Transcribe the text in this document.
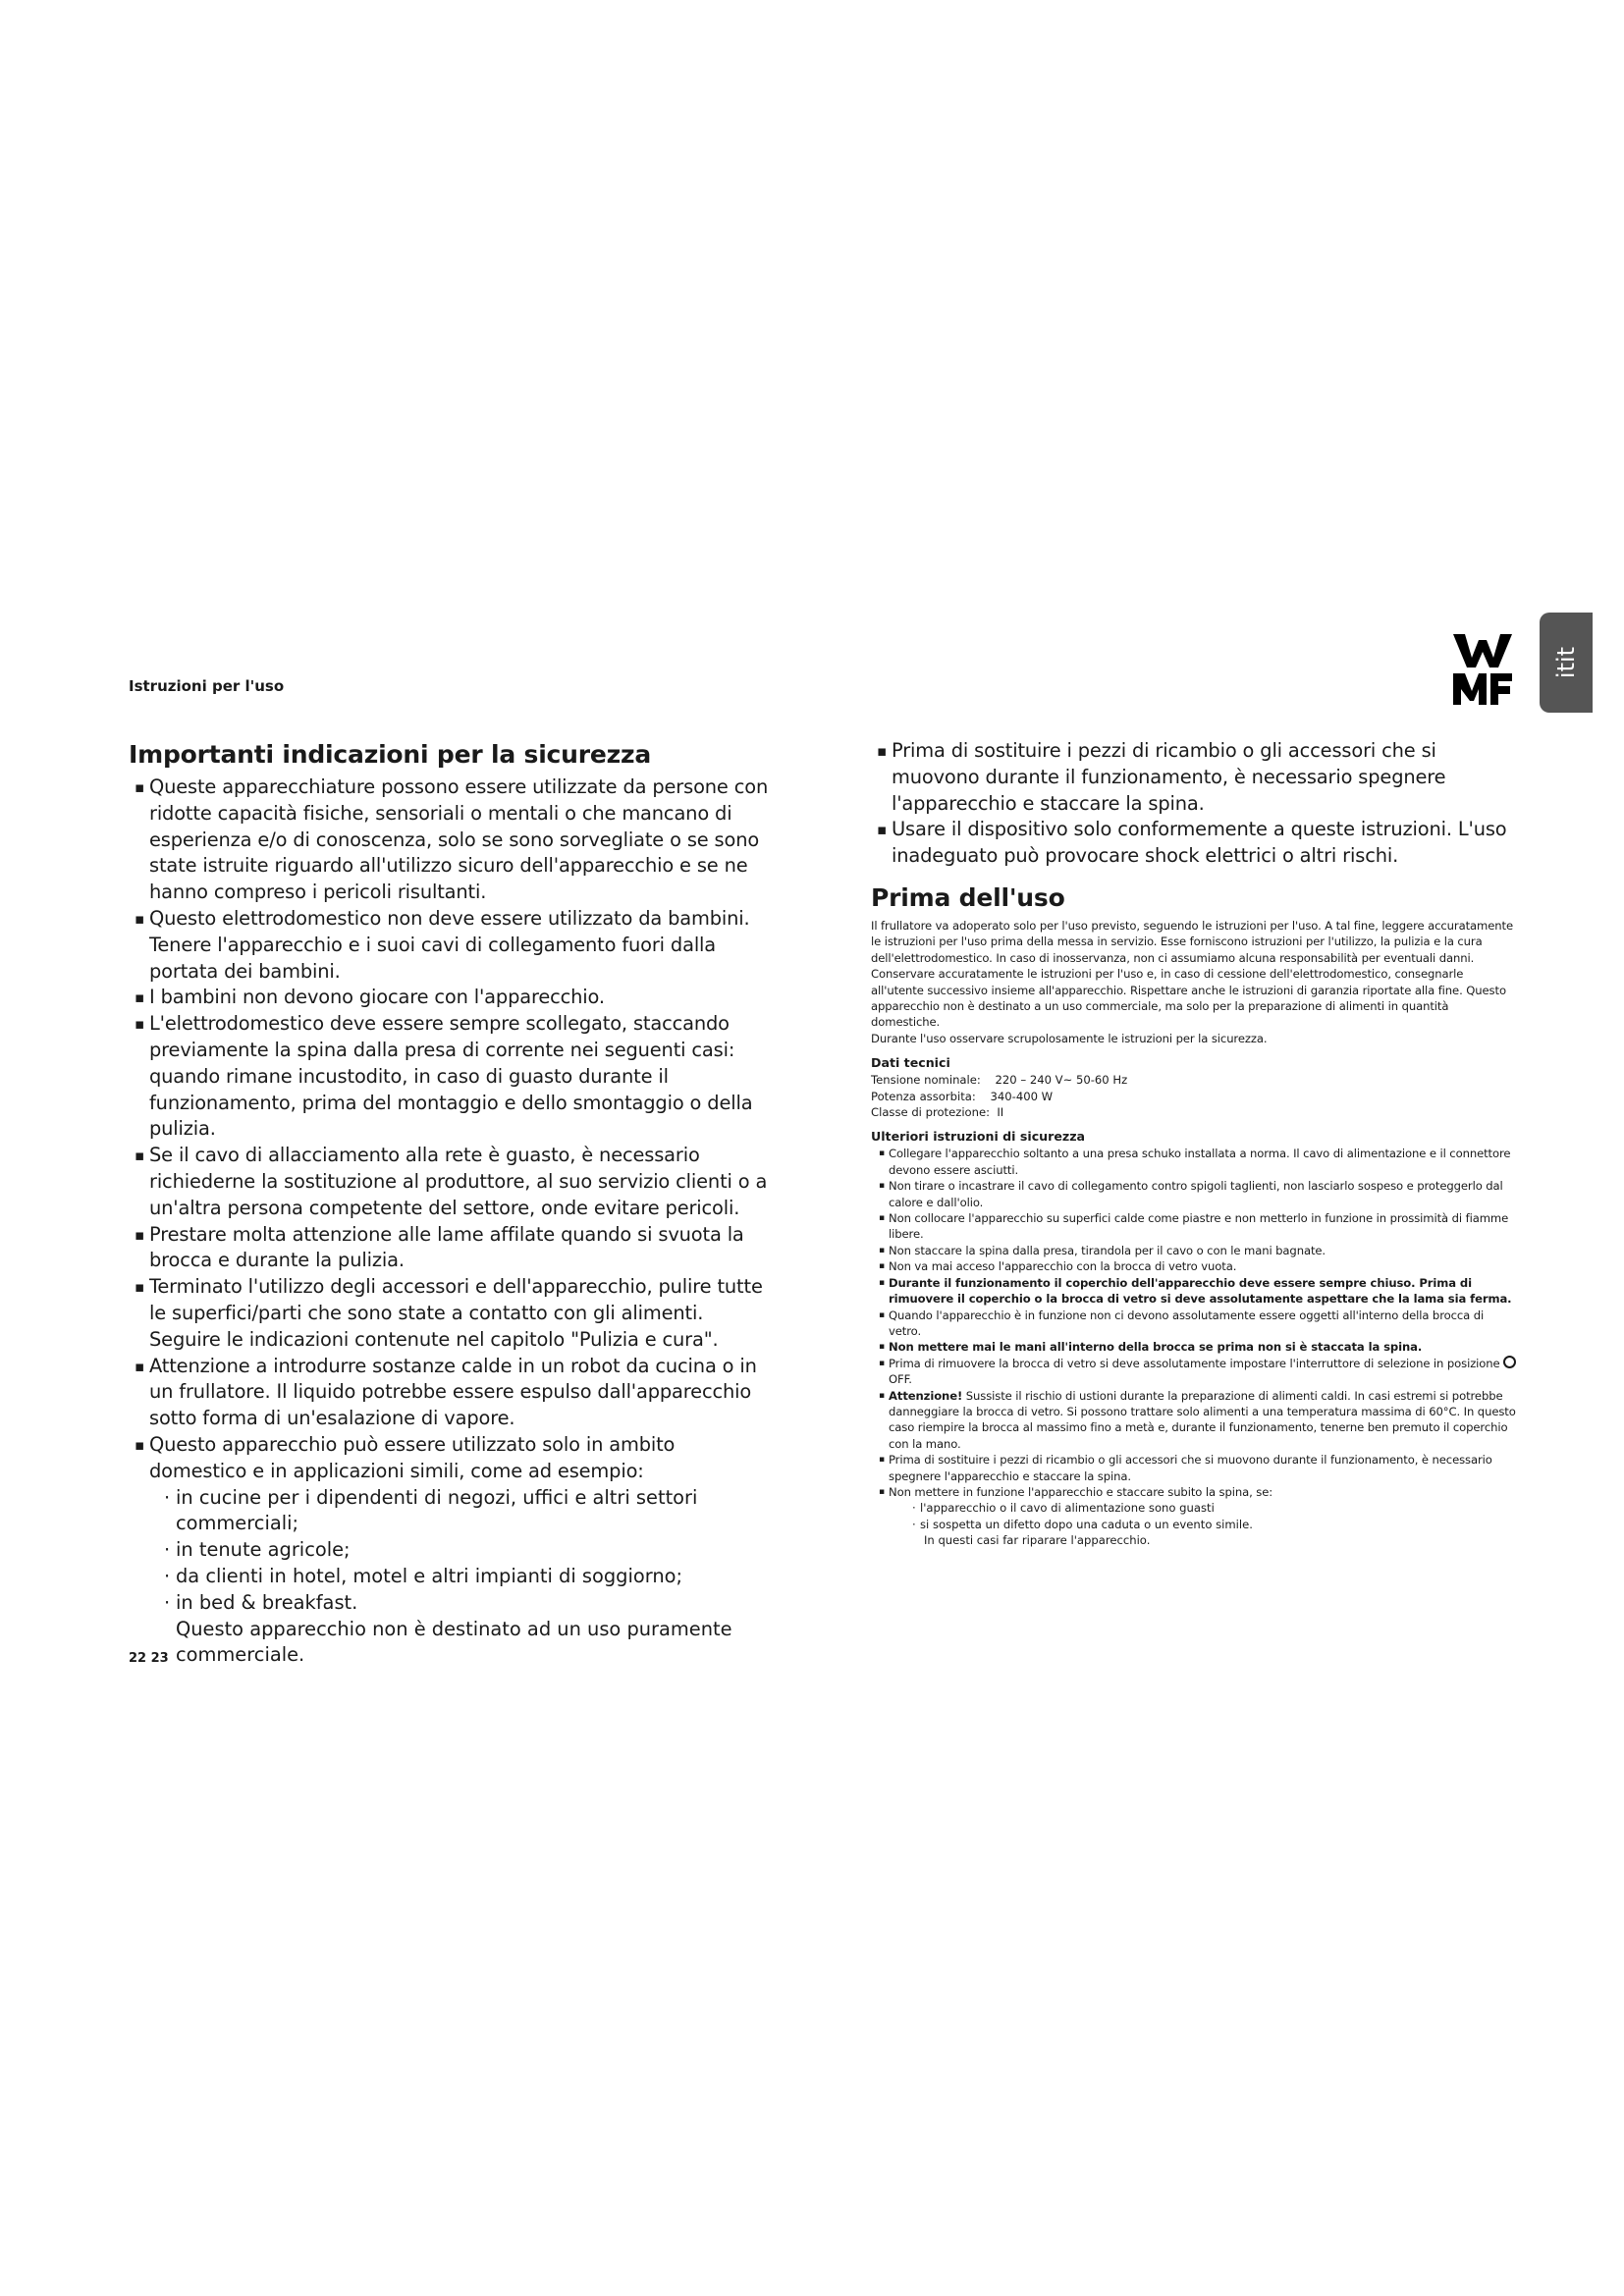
Istruzioni per l'uso
itit
Importanti indicazioni per la sicurezza
▪ Queste apparecchiature possono essere utilizzate da persone con ridotte capacità fisiche, sensoriali o mentali o che mancano di esperienza e/o di conoscenza, solo se sono sorvegliate o se sono state istruite riguardo all'utilizzo sicuro dell'apparecchio e se ne hanno compreso i pericoli risultanti.
▪ Questo elettrodomestico non deve essere utilizzato da bambini. Tenere l'apparecchio e i suoi cavi di collegamento fuori dalla portata dei bambini.
▪ I bambini non devono giocare con l'apparecchio.
▪ L'elettrodomestico deve essere sempre scollegato, staccando previamente la spina dalla presa di corrente nei seguenti casi: quando rimane incustodito, in caso di guasto durante il funzionamento, prima del montaggio e dello smontaggio o della pulizia.
▪ Se il cavo di allacciamento alla rete è guasto, è necessario richiederne la sostituzione al produttore, al suo servizio clienti o a un'altra persona competente del settore, onde evitare pericoli.
▪ Prestare molta attenzione alle lame affilate quando si svuota la brocca e durante la pulizia.
▪ Terminato l'utilizzo degli accessori e dell'apparecchio, pulire tutte le superfici/parti che sono state a contatto con gli alimenti. Seguire le indicazioni contenute nel capitolo "Pulizia e cura".
▪ Attenzione a introdurre sostanze calde in un robot da cucina o in un frullatore. Il liquido potrebbe essere espulso dall'apparecchio sotto forma di un'esalazione di vapore.
▪ Questo apparecchio può essere utilizzato solo in ambito domestico e in applicazioni simili, come ad esempio:
· in cucine per i dipendenti di negozi, uffici e altri settori commerciali;
· in tenute agricole;
· da clienti in hotel, motel e altri impianti di soggiorno;
· in bed & breakfast.

Questo apparecchio non è destinato ad un uso puramente commerciale.

▪ Prima di sostituire i pezzi di ricambio o gli accessori che si muovono durante il funzionamento, è necessario spegnere l'apparecchio e staccare la spina.
▪ Usare il dispositivo solo conformemente a queste istruzioni. L'uso inadeguato può provocare shock elettrici o altri rischi.
Prima dell'uso

Il frullatore va adoperato solo per l'uso previsto, seguendo le istruzioni per l'uso. A tal fine, leggere accuratamente le istruzioni per l'uso prima della messa in servizio. Esse forniscono istruzioni per l'utilizzo, la pulizia e la cura dell'elettrodomestico. In caso di inosservanza, non ci assumiamo alcuna responsabilità per eventuali danni. Conservare accuratamente le istruzioni per l'uso e, in caso di cessione dell'elettrodomestico, consegnarle all'utente successivo insieme all'apparecchio. Rispettare anche le istruzioni di garanzia riportate alla fine. Questo apparecchio non è destinato a un uso commerciale, ma solo per la preparazione di alimenti in quantità domestiche.

Durante l'uso osservare scrupolosamente le istruzioni per la sicurezza.

Dati tecnici

Tensione nominale: 220 – 240 V~ 50-60 Hz
Potenza assorbita: 340-400 W
Classe di protezione: II

Ulteriori istruzioni di sicurezza

▪ Collegare l'apparecchio soltanto a una presa schuko installata a norma. Il cavo di alimentazione e il connettore devono essere asciutti.
▪ Non tirare o incastrare il cavo di collegamento contro spigoli taglienti, non lasciarlo sospeso e proteggerlo dal calore e dall'olio.
▪ Non collocare l'apparecchio su superfici calde come piastre e non metterlo in funzione in prossimità di fiamme libere.
▪ Non staccare la spina dalla presa, tirandola per il cavo o con le mani bagnate.
▪ Non va mai acceso l'apparecchio con la brocca di vetro vuota.
▪ Durante il funzionamento il coperchio dell'apparecchio deve essere sempre chiuso. Prima di rimuovere il coperchio o la brocca di vetro si deve assolutamente aspettare che la lama sia ferma.
▪ Quando l'apparecchio è in funzione non ci devono assolutamente essere oggetti all'interno della brocca di vetro.
▪ Non mettere mai le mani all'interno della brocca se prima non si è staccata la spina.
▪ Prima di rimuovere la brocca di vetro si deve assolutamente impostare l'interruttore di selezione in posizione OFF.
▪ Attenzione! Sussiste il rischio di ustioni durante la preparazione di alimenti caldi. In casi estremi si potrebbe danneggiare la brocca di vetro. Si possono trattare solo alimenti a una temperatura massima di 60°C. In questo caso riempire la brocca al massimo fino a metà e, durante il funzionamento, tenerne ben premuto il coperchio con la mano.
▪ Prima di sostituire i pezzi di ricambio o gli accessori che si muovono durante il funzionamento, è necessario spegnere l'apparecchio e staccare la spina.
▪ Non mettere in funzione l'apparecchio e staccare subito la spina, se:
· l'apparecchio o il cavo di alimentazione sono guasti
· si sospetta un difetto dopo una caduta o un evento simile.

In questi casi far riparare l'apparecchio.

22 23
